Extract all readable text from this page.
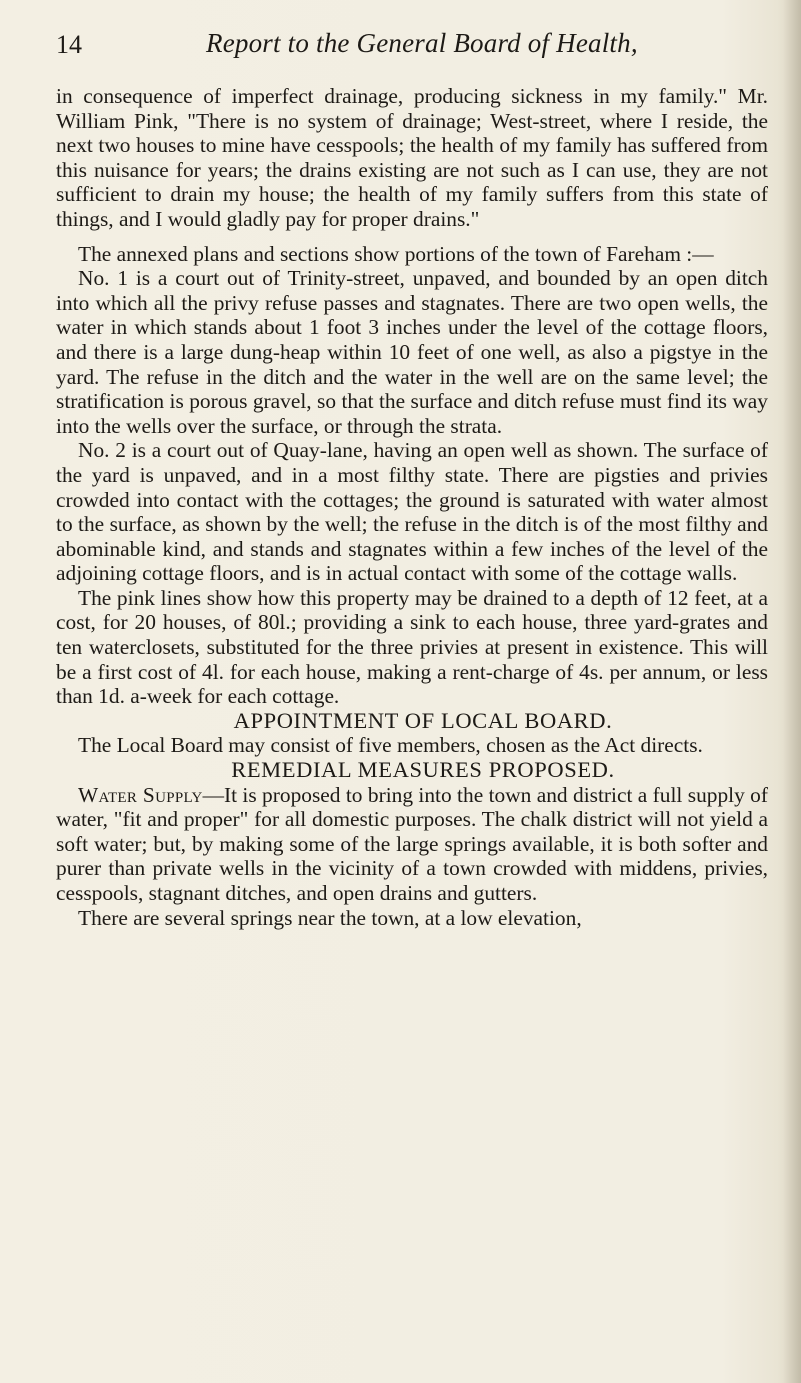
14	Report to the General Board of Health,

in consequence of imperfect drainage, producing sickness in my family." Mr. William Pink, "There is no system of drainage; West-street, where I reside, the next two houses to mine have cesspools; the health of my family has suffered from this nuisance for years; the drains existing are not such as I can use, they are not sufficient to drain my house; the health of my family suffers from this state of things, and I would gladly pay for proper drains."

The annexed plans and sections show portions of the town of Fareham :—

No. 1 is a court out of Trinity-street, unpaved, and bounded by an open ditch into which all the privy refuse passes and stagnates. There are two open wells, the water in which stands about 1 foot 3 inches under the level of the cottage floors, and there is a large dung-heap within 10 feet of one well, as also a pigstye in the yard. The refuse in the ditch and the water in the well are on the same level; the stratification is porous gravel, so that the surface and ditch refuse must find its way into the wells over the surface, or through the strata.

No. 2 is a court out of Quay-lane, having an open well as shown. The surface of the yard is unpaved, and in a most filthy state. There are pigsties and privies crowded into contact with the cottages; the ground is saturated with water almost to the surface, as shown by the well; the refuse in the ditch is of the most filthy and abominable kind, and stands and stagnates within a few inches of the level of the adjoining cottage floors, and is in actual contact with some of the cottage walls.

The pink lines show how this property may be drained to a depth of 12 feet, at a cost, for 20 houses, of 80l.; providing a sink to each house, three yard-grates and ten waterclosets, substituted for the three privies at present in existence. This will be a first cost of 4l. for each house, making a rent-charge of 4s. per annum, or less than 1d. a-week for each cottage.

APPOINTMENT OF LOCAL BOARD.

The Local Board may consist of five members, chosen as the Act directs.

REMEDIAL MEASURES PROPOSED.

Water Supply—It is proposed to bring into the town and district a full supply of water, "fit and proper" for all domestic purposes. The chalk district will not yield a soft water; but, by making some of the large springs available, it is both softer and purer than private wells in the vicinity of a town crowded with middens, privies, cesspools, stagnant ditches, and open drains and gutters.

There are several springs near the town, at a low elevation,
